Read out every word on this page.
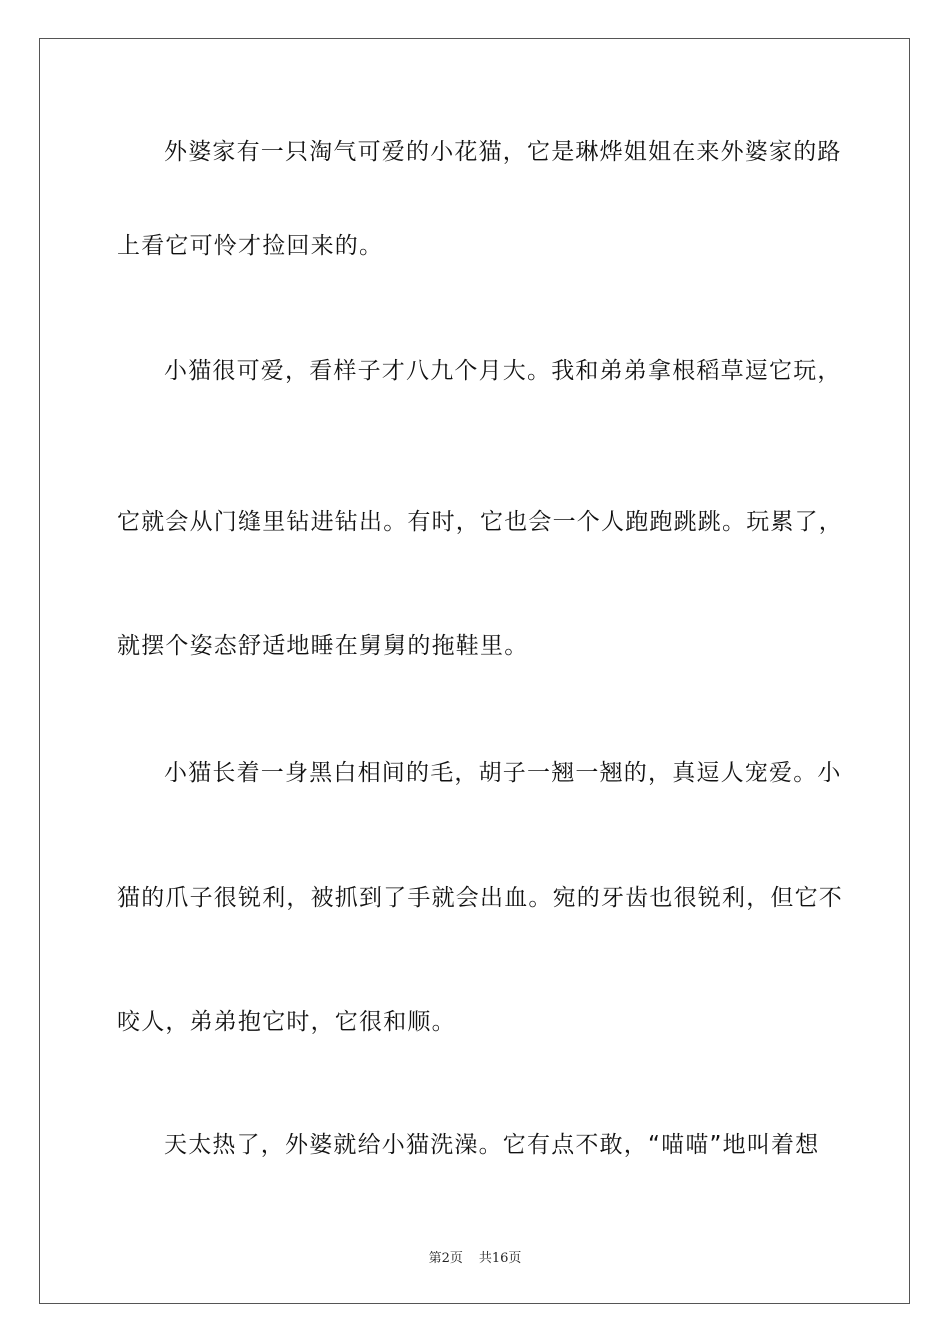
外婆家有一只淘气可爱的小花猫，它是琳烨姐姐在来外婆家的路
上看它可怜才捡回来的。
小猫很可爱，看样子才八九个月大。我和弟弟拿根稻草逗它玩，
它就会从门缝里钻进钻出。有时，它也会一个人跑跑跳跳。玩累了，
就摆个姿态舒适地睡在舅舅的拖鞋里。
小猫长着一身黑白相间的毛，胡子一翘一翘的，真逗人宠爱。小
猫的爪子很锐利，被抓到了手就会出血。宛的牙齿也很锐利，但它不
咬人，弟弟抱它时，它很和顺。
天太热了，外婆就给小猫洗澡。它有点不敢，“喵喵”地叫着想
第2页 共16页
